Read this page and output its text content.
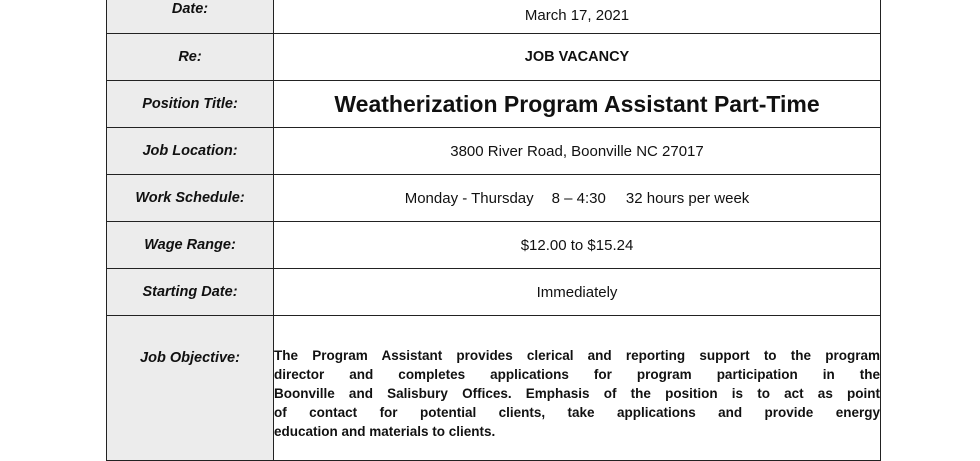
Date:	March 17, 2021
Re:	JOB VACANCY
Position Title:	Weatherization Program Assistant Part-Time
Job Location:	3800 River Road, Boonville NC 27017
Work Schedule:	Monday - Thursday 8 – 4:30 32 hours per week
Wage Range:	$12.00 to $15.24
Starting Date:	Immediately
Job Objective:	The Program Assistant provides clerical and reporting support to the program
director and completes applications for program participation in the
Boonville and Salisbury Offices. Emphasis of the position is to act as point
of contact for potential clients, take applications and provide energy
education and materials to clients.
